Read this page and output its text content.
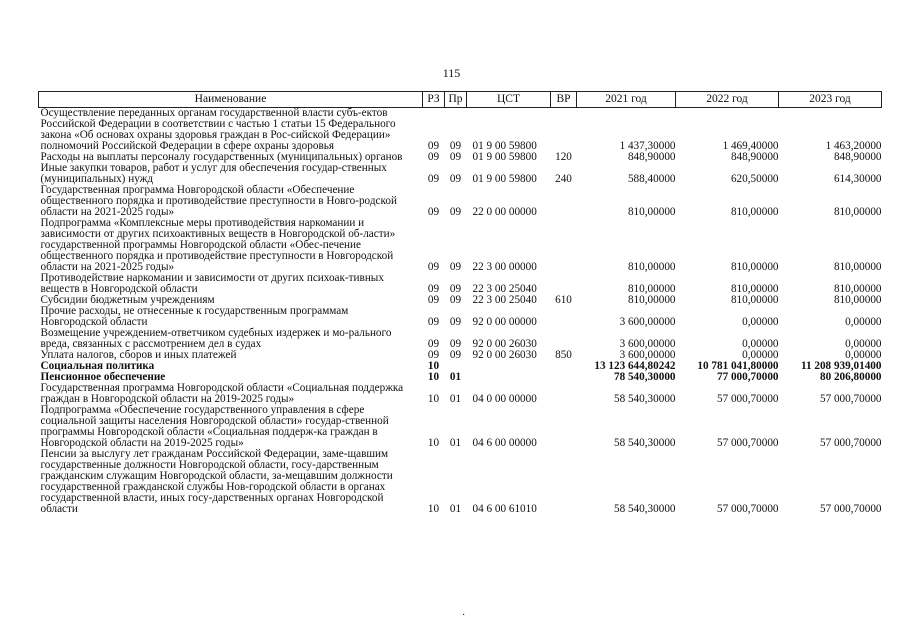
115
Наименование	РЗ	Пр	ЦСТ	ВР	2021 год	2022 год	2023 год
Осуществление переданных органам государственной власти субъ-ектов Российской Федерации в соответствии с частью 1 статьи 15 Федерального закона «Об основах охраны здоровья граждан в Рос-сийской Федерации» полномочий Российской Федерации в сфере охраны здоровья	09	09	01 9 00 59800		1 437,30000	1 469,40000	1 463,20000
Расходы на выплаты персоналу государственных (муниципальных) органов	09	09	01 9 00 59800	120	848,90000	848,90000	848,90000
Иные закупки товаров, работ и услуг для обеспечения государ-ственных (муниципальных) нужд	09	09	01 9 00 59800	240	588,40000	620,50000	614,30000
Государственная программа Новгородской области «Обеспечение общественного порядка и противодействие преступности в Новго-родской области на 2021-2025 годы»	09	09	22 0 00 00000		810,00000	810,00000	810,00000
Подпрограмма «Комплексные меры противодействия наркомании и зависимости от других психоактивных веществ в Новгородской об-ласти» государственной программы Новгородской области «Обес-печение общественного порядка и противодействие преступности в Новгородской области на 2021-2025 годы»	09	09	22 3 00 00000		810,00000	810,00000	810,00000
Противодействие наркомании и зависимости от других психоак-тивных веществ в Новгородской области	09	09	22 3 00 25040		810,00000	810,00000	810,00000
Субсидии бюджетным учреждениям	09	09	22 3 00 25040	610	810,00000	810,00000	810,00000
Прочие расходы, не отнесенные к государственным программам Новгородской области	09	09	92 0 00 00000		3 600,00000	0,00000	0,00000
Возмещение учреждением-ответчиком судебных издержек и мо-рального вреда, связанных с рассмотрением дел в судах	09	09	92 0 00 26030		3 600,00000	0,00000	0,00000
Уплата налогов, сборов и иных платежей	09	09	92 0 00 26030	850	3 600,00000	0,00000	0,00000
Социальная политика	10				13 123 644,80242	10 781 041,80000	11 208 939,01400
Пенсионное обеспечение	10	01			78 540,30000	77 000,70000	80 206,80000
Государственная программа Новгородской области «Социальная поддержка граждан в Новгородской области на 2019-2025 годы»	10	01	04 0 00 00000		58 540,30000	57 000,70000	57 000,70000
Подпрограмма «Обеспечение государственного управления в сфере социальной защиты населения Новгородской области» государ-ственной программы Новгородской области «Социальная поддерж-ка граждан в Новгородской области на 2019-2025 годы»	10	01	04 6 00 00000		58 540,30000	57 000,70000	57 000,70000
Пенсии за выслугу лет гражданам Российской Федерации, заме-щавшим государственные должности Новгородской области, госу-дарственным гражданским служащим Новгородской области, за-мещавшим должности государственной гражданской службы Нов-городской области в органах государственной власти, иных госу-дарственных органах Новгородской области	10	01	04 6 00 61010		58 540,30000	57 000,70000	57 000,70000
·
